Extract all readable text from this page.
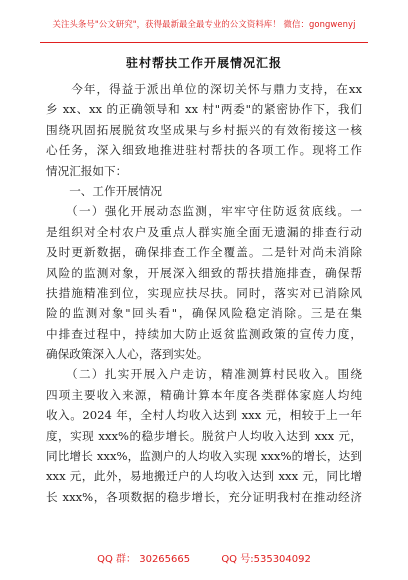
关注头条号"公文研究"，获得最新最全最专业的公文资料库！ 微信：gongwenyj
驻村帮扶工作开展情况汇报
　　今年，得益于派出单位的深切关怀与鼎力支持，在xx
乡 xx、xx 的正确领导和 xx 村"两委"的紧密协作下，我们
围绕巩固拓展脱贫攻坚成果与乡村振兴的有效衔接这一核
心任务，深入细致地推进驻村帮扶的各项工作。现将工作
情况汇报如下：
　　一、工作开展情况
　　（一）强化开展动态监测，牢牢守住防返贫底线。一
是组织对全村农户及重点人群实施全面无遗漏的排查行动
及时更新数据，确保排查工作全覆盖。二是针对尚未消除
风险的监测对象，开展深入细致的帮扶措施排查，确保帮
扶措施精准到位，实现应扶尽扶。同时，落实对已消除风
险的监测对象"回头看"，确保风险稳定消除。三是在集
中排查过程中，持续加大防止返贫监测政策的宣传力度，
确保政策深入人心，落到实处。
　　（二）扎实开展入户走访，精准测算村民收入。围绕
四项主要收入来源，精确计算本年度各类群体家庭人均纯
收入。2024 年，全村人均收入达到 xxx 元，相较于上一年
度，实现 xxx%的稳步增长。脱贫户人均收入达到 xxx 元，
同比增长 xxx%，监测户的人均收入实现 xxx%的增长，达到
xxx 元，此外，易地搬迁户的人均收入达到 xxx 元，同比增
长 xxx%，各项数据的稳步增长，充分证明我村在推动经济
QQ 群： 30265665	QQ 号:535304092
